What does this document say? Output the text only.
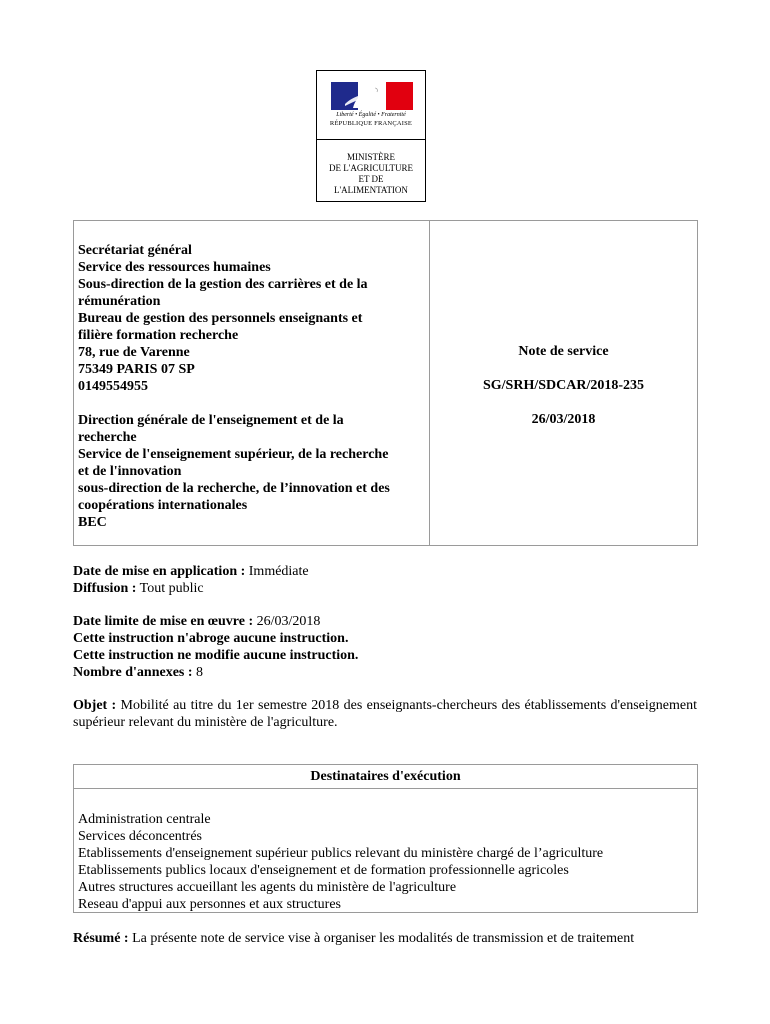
Liberté • Égalité • Fraternité
RÉPUBLIQUE FRANÇAISE
MINISTÈRE
DE L'AGRICULTURE
ET DE
L'ALIMENTATION
Secrétariat général
Service des ressources humaines
Sous-direction de la gestion des carrières et de la
rémunération
Bureau de gestion des personnels enseignants et
filière formation recherche
78, rue de Varenne
75349 PARIS 07 SP
0149554955
Direction générale de l'enseignement et de la
recherche
Service de l'enseignement supérieur, de la recherche
et de l'innovation
sous-direction de la recherche, de l’innovation et des
coopérations internationales
BEC
Note de service
SG/SRH/SDCAR/2018-235
26/03/2018
Date de mise en application : Immédiate
Diffusion : Tout public
Date limite de mise en œuvre : 26/03/2018
Cette instruction n'abroge aucune instruction.
Cette instruction ne modifie aucune instruction.
Nombre d'annexes : 8
Objet : Mobilité au titre du 1er semestre 2018 des enseignants-chercheurs des établissements d'enseignement supérieur relevant du ministère de l'agriculture.
Destinataires d'exécution
Administration centrale
Services déconcentrés
Etablissements d'enseignement supérieur publics relevant du ministère chargé de l’agriculture
Etablissements publics locaux d'enseignement et de formation professionnelle agricoles
Autres structures accueillant les agents du ministère de l'agriculture
Reseau d'appui aux personnes et aux structures
Résumé : La présente note de service vise à organiser les modalités de transmission et de traitement
